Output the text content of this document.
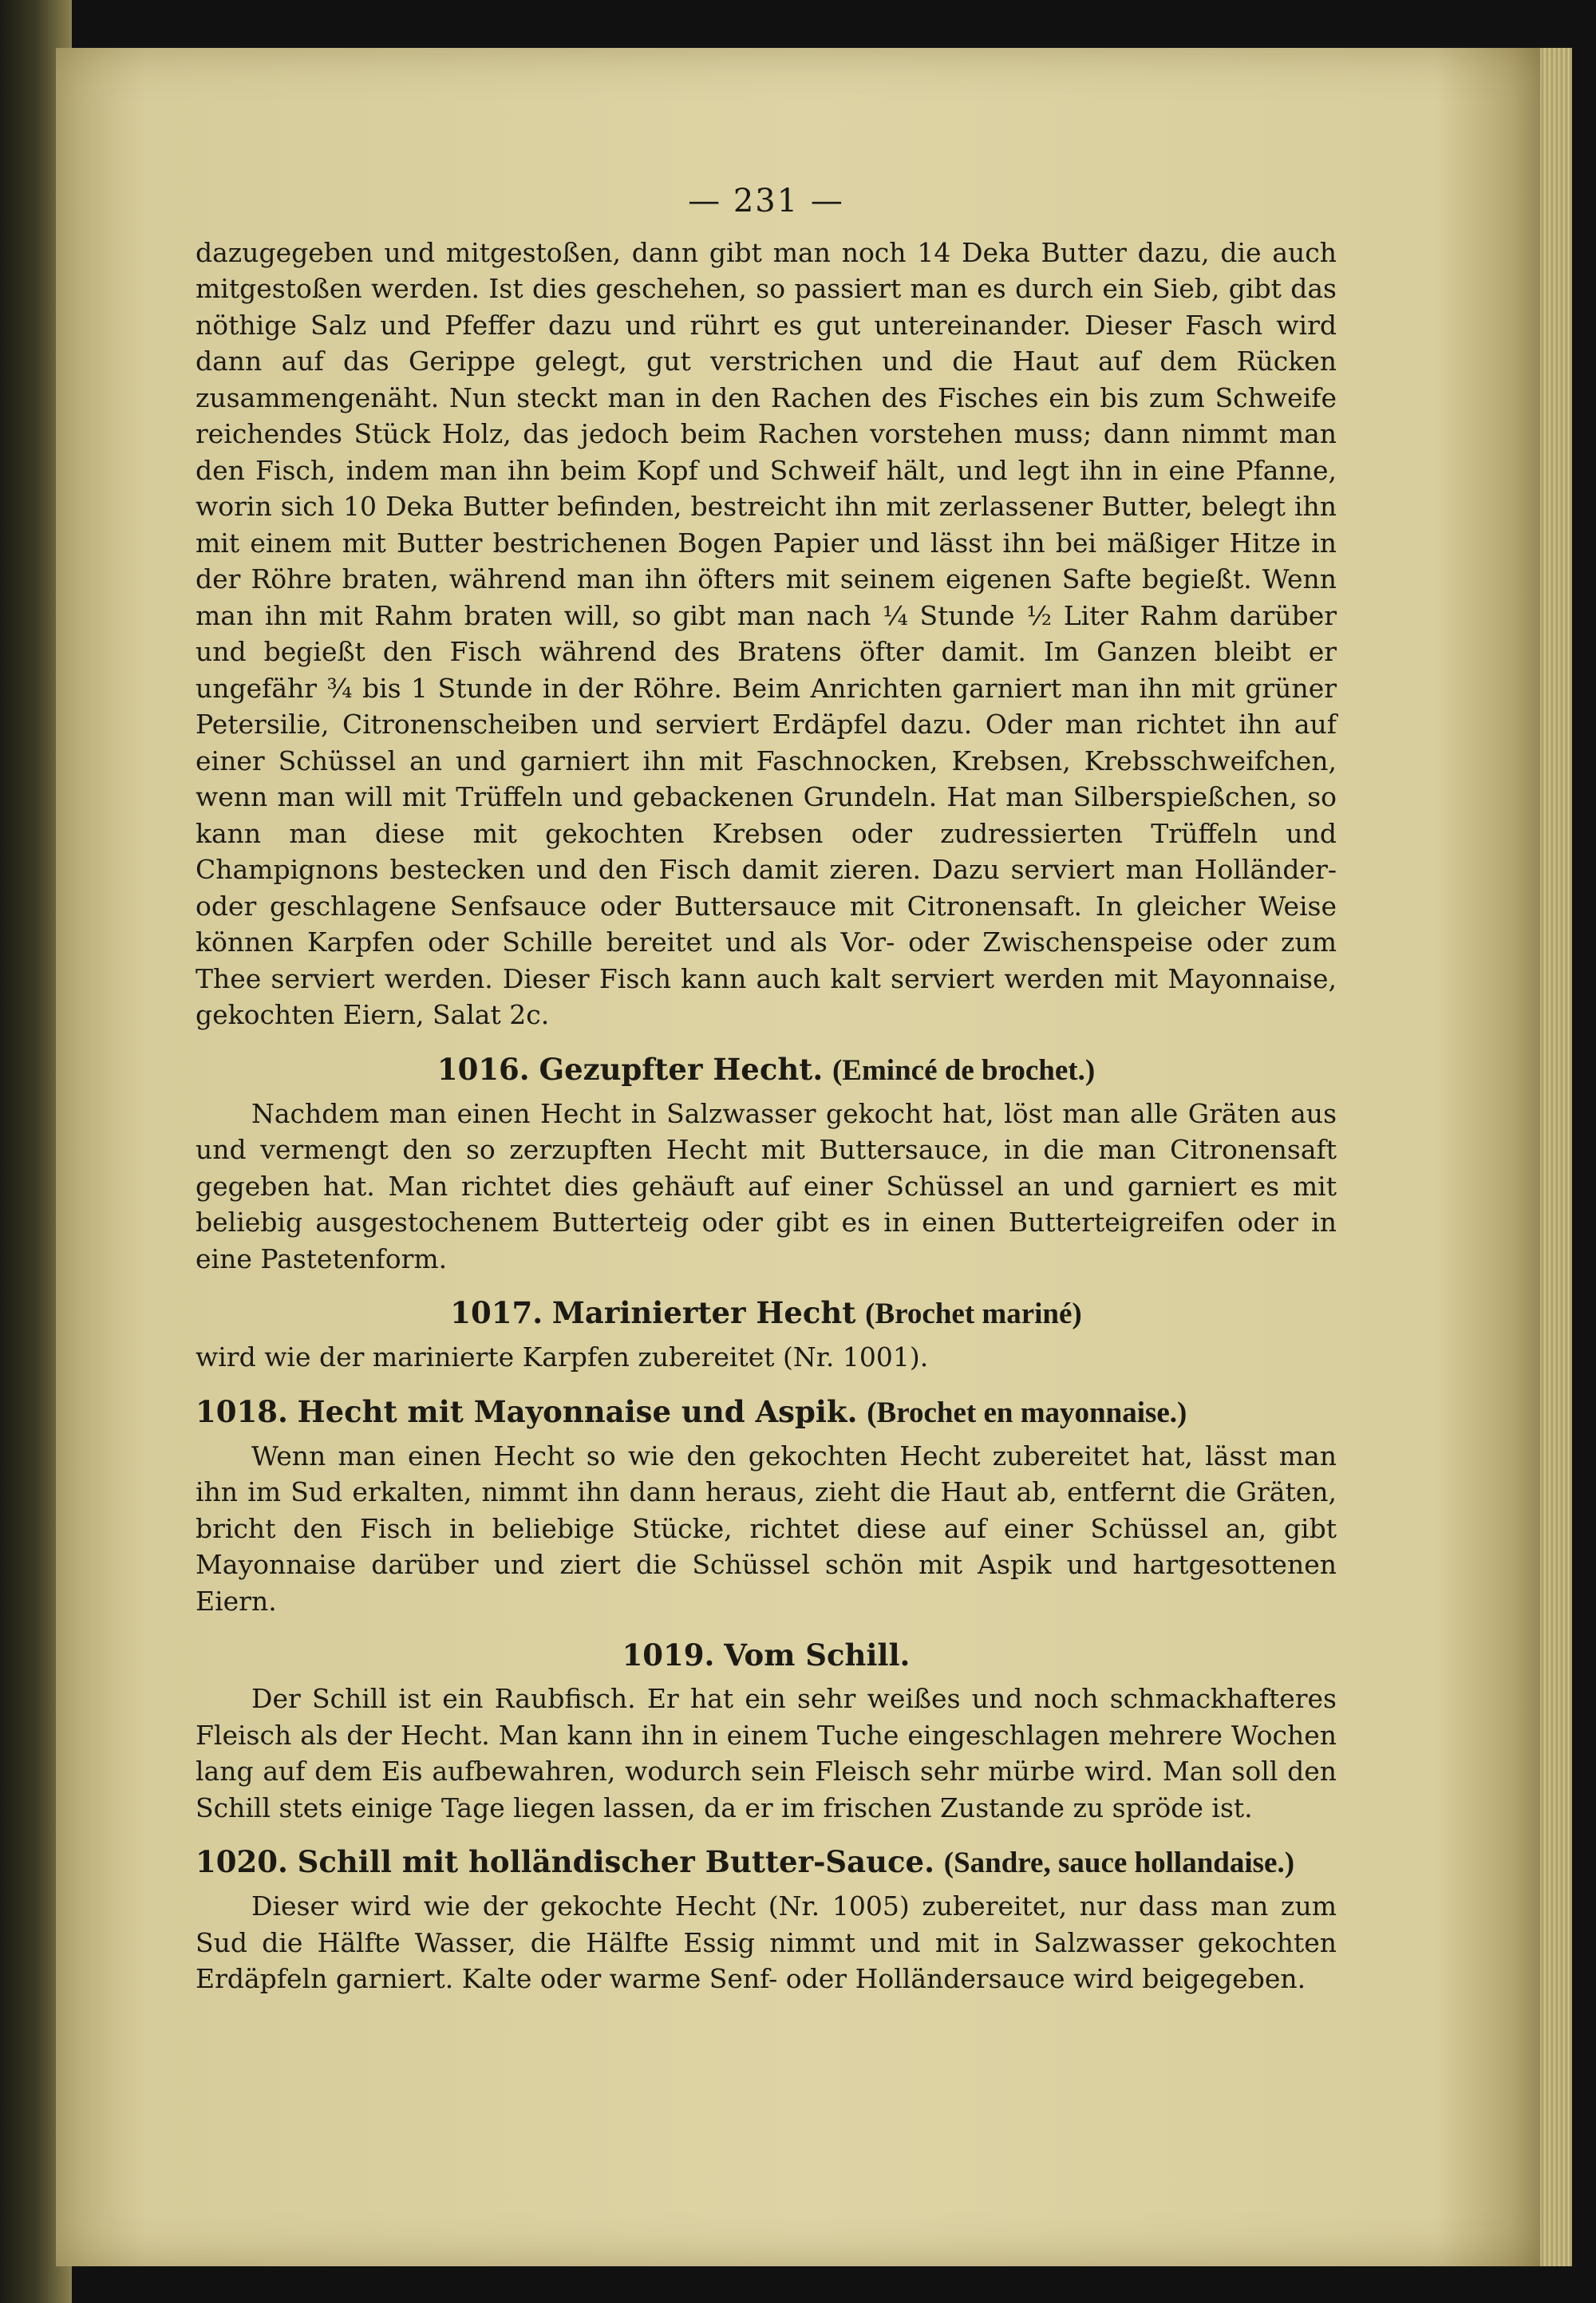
— 231 —

dazugegeben und mitgestoßen, dann gibt man noch 14 Deka Butter dazu, die auch mitgestoßen werden. Ist dies geschehen, so passiert man es durch ein Sieb, gibt das nöthige Salz und Pfeffer dazu und rührt es gut untereinander. Dieser Fasch wird dann auf das Gerippe gelegt, gut verstrichen und die Haut auf dem Rücken zusammengenäht. Nun steckt man in den Rachen des Fisches ein bis zum Schweife reichendes Stück Holz, das jedoch beim Rachen vorstehen muss; dann nimmt man den Fisch, indem man ihn beim Kopf und Schweif hält, und legt ihn in eine Pfanne, worin sich 10 Deka Butter befinden, bestreicht ihn mit zerlassener Butter, belegt ihn mit einem mit Butter bestrichenen Bogen Papier und lässt ihn bei mäßiger Hitze in der Röhre braten, während man ihn öfters mit seinem eigenen Safte begießt. Wenn man ihn mit Rahm braten will, so gibt man nach ¼ Stunde ½ Liter Rahm darüber und begießt den Fisch während des Bratens öfter damit. Im Ganzen bleibt er ungefähr ¾ bis 1 Stunde in der Röhre. Beim Anrichten garniert man ihn mit grüner Petersilie, Citronenscheiben und serviert Erdäpfel dazu. Oder man richtet ihn auf einer Schüssel an und garniert ihn mit Faschnocken, Krebsen, Krebsschweifchen, wenn man will mit Trüffeln und gebackenen Grundeln. Hat man Silberspießchen, so kann man diese mit gekochten Krebsen oder zudressierten Trüffeln und Champignons bestecken und den Fisch damit zieren. Dazu serviert man Holländer- oder geschlagene Senfsauce oder Buttersauce mit Citronensaft. In gleicher Weise können Karpfen oder Schille bereitet und als Vor- oder Zwischenspeise oder zum Thee serviert werden. Dieser Fisch kann auch kalt serviert werden mit Mayonnaise, gekochten Eiern, Salat 2c.

1016. Gezupfter Hecht. (Emincé de brochet.)

Nachdem man einen Hecht in Salzwasser gekocht hat, löst man alle Gräten aus und vermengt den so zerzupften Hecht mit Buttersauce, in die man Citronensaft gegeben hat. Man richtet dies gehäuft auf einer Schüssel an und garniert es mit beliebig ausgestochenem Butterteig oder gibt es in einen Butterteigreifen oder in eine Pastetenform.

1017. Marinierter Hecht (Brochet mariné)

wird wie der marinierte Karpfen zubereitet (Nr. 1001).

1018. Hecht mit Mayonnaise und Aspik. (Brochet en mayonnaise.)

Wenn man einen Hecht so wie den gekochten Hecht zubereitet hat, lässt man ihn im Sud erkalten, nimmt ihn dann heraus, zieht die Haut ab, entfernt die Gräten, bricht den Fisch in beliebige Stücke, richtet diese auf einer Schüssel an, gibt Mayonnaise darüber und ziert die Schüssel schön mit Aspik und hartgesottenen Eiern.

1019. Vom Schill.

Der Schill ist ein Raubfisch. Er hat ein sehr weißes und noch schmackhafteres Fleisch als der Hecht. Man kann ihn in einem Tuche eingeschlagen mehrere Wochen lang auf dem Eis aufbewahren, wodurch sein Fleisch sehr mürbe wird. Man soll den Schill stets einige Tage liegen lassen, da er im frischen Zustande zu spröde ist.

1020. Schill mit holländischer Butter-Sauce. (Sandre, sauce hollandaise.)

Dieser wird wie der gekochte Hecht (Nr. 1005) zubereitet, nur dass man zum Sud die Hälfte Wasser, die Hälfte Essig nimmt und mit in Salzwasser gekochten Erdäpfeln garniert. Kalte oder warme Senf- oder Holländersauce wird beigegeben.
